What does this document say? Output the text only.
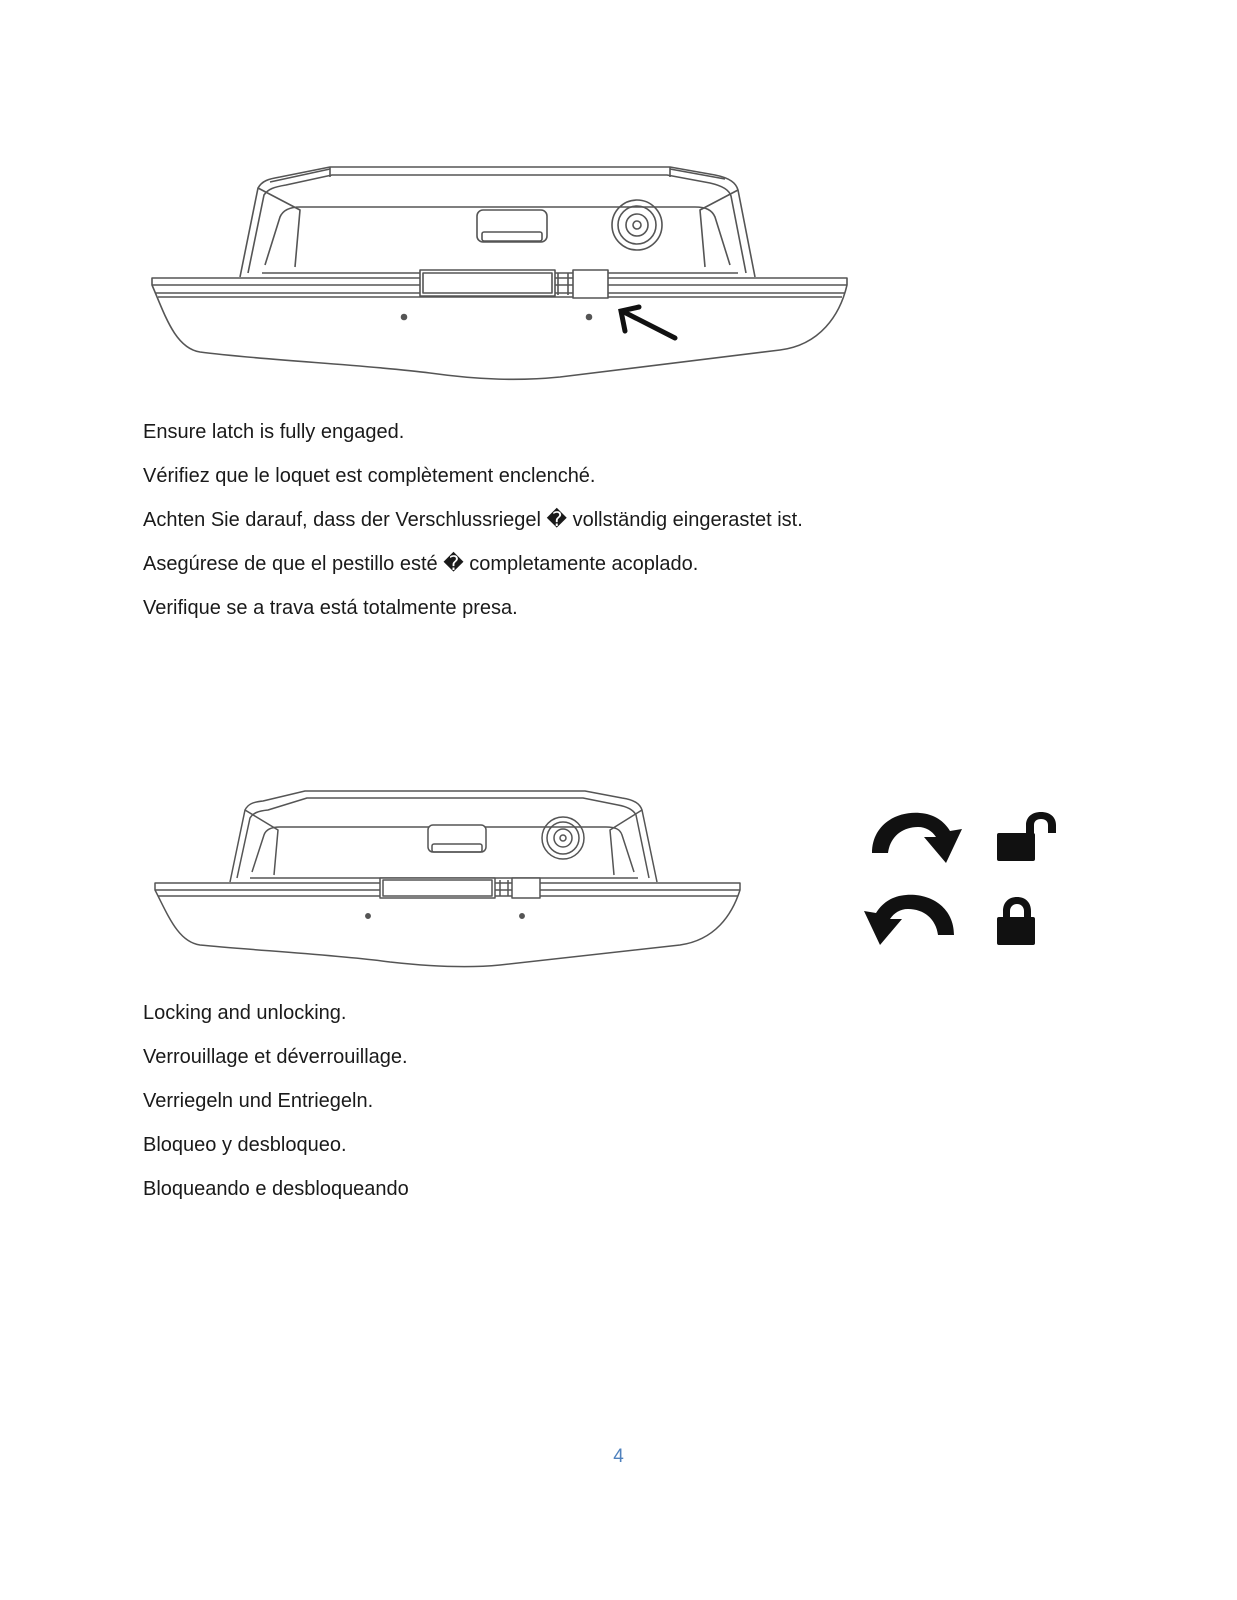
Ensure latch is fully engaged.
Vérifiez que le loquet est complètement enclenché.
Achten Sie darauf, dass der Verschlussriegel � vollständig eingerastet ist.
Asegúrese de que el pestillo esté � completamente acoplado.
Verifique se a trava está totalmente presa.
Locking and unlocking.
Verrouillage et déverrouillage.
Verriegeln und Entriegeln.
Bloqueo y desbloqueo.
Bloqueando e desbloqueando
4
